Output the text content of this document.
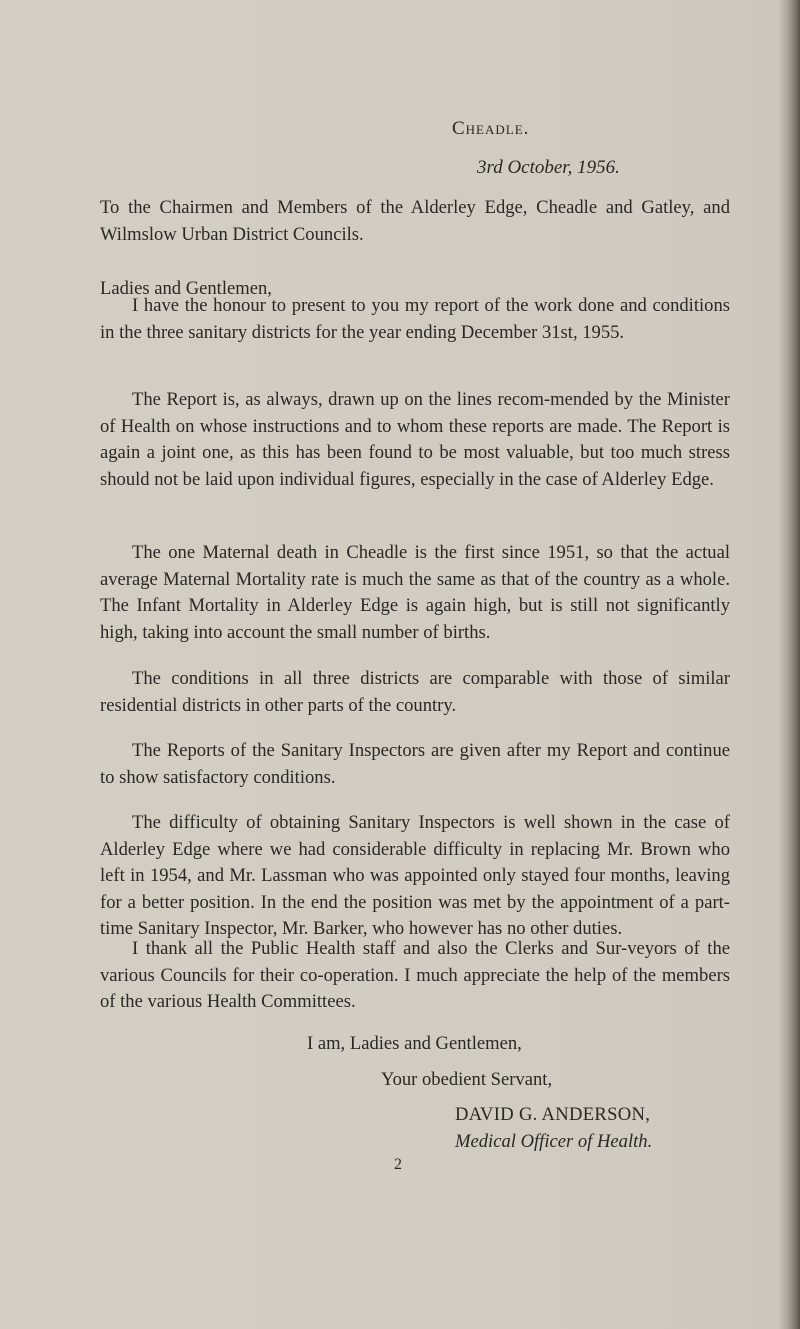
Cheadle.
3rd October, 1956.

To the Chairmen and Members of the Alderley Edge, Cheadle and Gatley, and Wilmslow Urban District Councils.

Ladies and Gentlemen,

I have the honour to present to you my report of the work done and conditions in the three sanitary districts for the year ending December 31st, 1955.

The Report is, as always, drawn up on the lines recom-mended by the Minister of Health on whose instructions and to whom these reports are made. The Report is again a joint one, as this has been found to be most valuable, but too much stress should not be laid upon individual figures, especially in the case of Alderley Edge.

The one Maternal death in Cheadle is the first since 1951, so that the actual average Maternal Mortality rate is much the same as that of the country as a whole. The Infant Mortality in Alderley Edge is again high, but is still not significantly high, taking into account the small number of births.

The conditions in all three districts are comparable with those of similar residential districts in other parts of the country.

The Reports of the Sanitary Inspectors are given after my Report and continue to show satisfactory conditions.

The difficulty of obtaining Sanitary Inspectors is well shown in the case of Alderley Edge where we had considerable difficulty in replacing Mr. Brown who left in 1954, and Mr. Lassman who was appointed only stayed four months, leaving for a better position. In the end the position was met by the appointment of a part-time Sanitary Inspector, Mr. Barker, who however has no other duties.

I thank all the Public Health staff and also the Clerks and Sur-veyors of the various Councils for their co-operation. I much appreciate the help of the members of the various Health Committees.

I am, Ladies and Gentlemen,

Your obedient Servant,

DAVID G. ANDERSON,

Medical Officer of Health.

2
